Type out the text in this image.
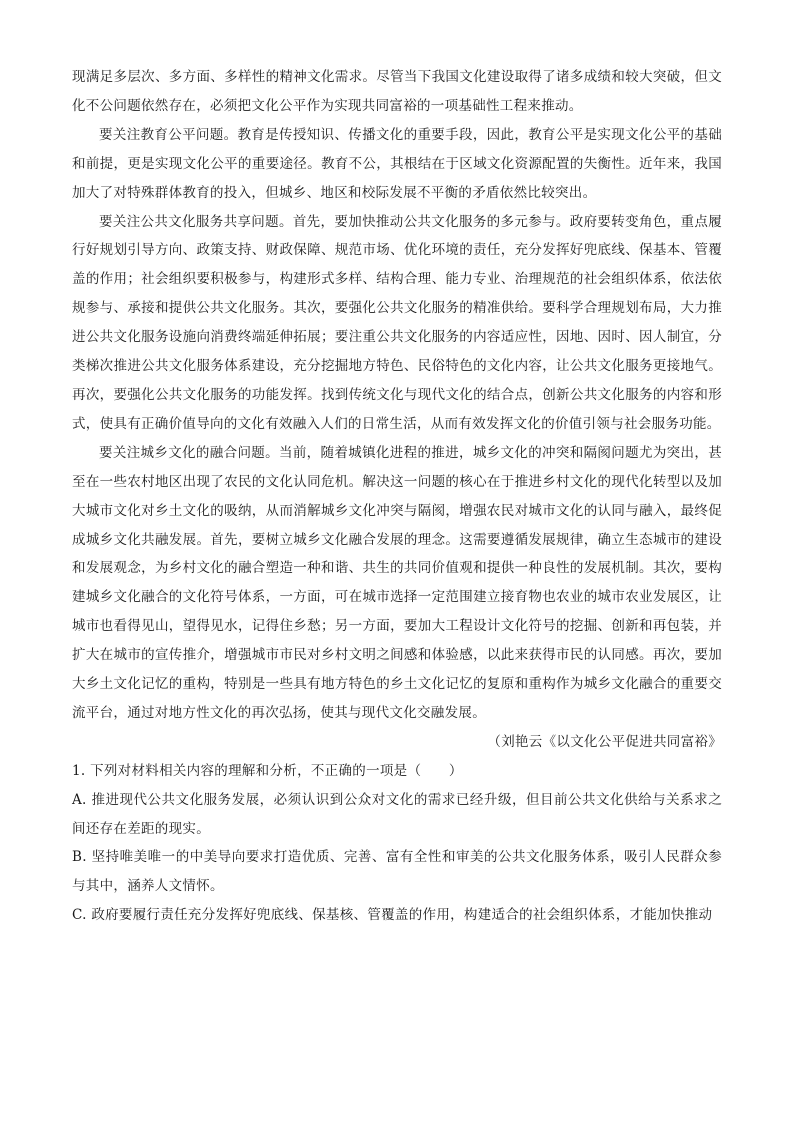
现满足多层次、多方面、多样性的精神文化需求。尽管当下我国文化建设取得了诸多成绩和较大突破，但文化不公问题依然存在，必须把文化公平作为实现共同富裕的一项基础性工程来推动。

要关注教育公平问题。教育是传授知识、传播文化的重要手段，因此，教育公平是实现文化公平的基础和前提，更是实现文化公平的重要途径。教育不公，其根结在于区域文化资源配置的失衡性。近年来，我国加大了对特殊群体教育的投入，但城乡、地区和校际发展不平衡的矛盾依然比较突出。

要关注公共文化服务共享问题。首先，要加快推动公共文化服务的多元参与。政府要转变角色，重点履行好规划引导方向、政策支持、财政保障、规范市场、优化环境的责任，充分发挥好兜底线、保基本、管覆盖的作用；社会组织要积极参与，构建形式多样、结构合理、能力专业、治理规范的社会组织体系，依法依规参与、承接和提供公共文化服务。其次，要强化公共文化服务的精准供给。要科学合理规划布局，大力推进公共文化服务设施向消费终端延伸拓展；要注重公共文化服务的内容适应性，因地、因时、因人制宜，分类梯次推进公共文化服务体系建设，充分挖掘地方特色、民俗特色的文化内容，让公共文化服务更接地气。再次，要强化公共文化服务的功能发挥。找到传统文化与现代文化的结合点，创新公共文化服务的内容和形式，使具有正确价值导向的文化有效融入人们的日常生活，从而有效发挥文化的价值引领与社会服务功能。

要关注城乡文化的融合问题。当前，随着城镇化进程的推进，城乡文化的冲突和隔阂问题尤为突出，甚至在一些农村地区出现了农民的文化认同危机。解决这一问题的核心在于推进乡村文化的现代化转型以及加大城市文化对乡土文化的吸纳，从而消解城乡文化冲突与隔阂，增强农民对城市文化的认同与融入，最终促成城乡文化共融发展。首先，要树立城乡文化融合发展的理念。这需要遵循发展规律，确立生态城市的建设和发展观念，为乡村文化的融合塑造一种和谐、共生的共同价值观和提供一种良性的发展机制。其次，要构建城乡文化融合的文化符号体系，一方面，可在城市选择一定范围建立接育物也农业的城市农业发展区，让城市也看得见山，望得见水，记得住乡愁；另一方面，要加大工程设计文化符号的挖掘、创新和再包装，并扩大在城市的宣传推介，增强城市市民对乡村文明之间感和体验感，以此来获得市民的认同感。再次，要加大乡土文化记忆的重构，特别是一些具有地方特色的乡土文化记忆的复原和重构作为城乡文化融合的重要交流平台，通过对地方性文化的再次弘扬，使其与现代文化交融发展。

（刘艳云《以文化公平促进共同富裕》

1. 下列对材料相关内容的理解和分析，不正确的一项是（　　）

A. 推进现代公共文化服务发展，必须认识到公众对文化的需求已经升级，但目前公共文化供给与关系求之间还存在差距的现实。

B. 坚持唯美唯一的中美导向要求打造优质、完善、富有全性和审美的公共文化服务体系，吸引人民群众参与其中，涵养人文情怀。

C. 政府要履行责任充分发挥好兜底线、保基核、管覆盖的作用，构建适合的社会组织体系，才能加快推动
